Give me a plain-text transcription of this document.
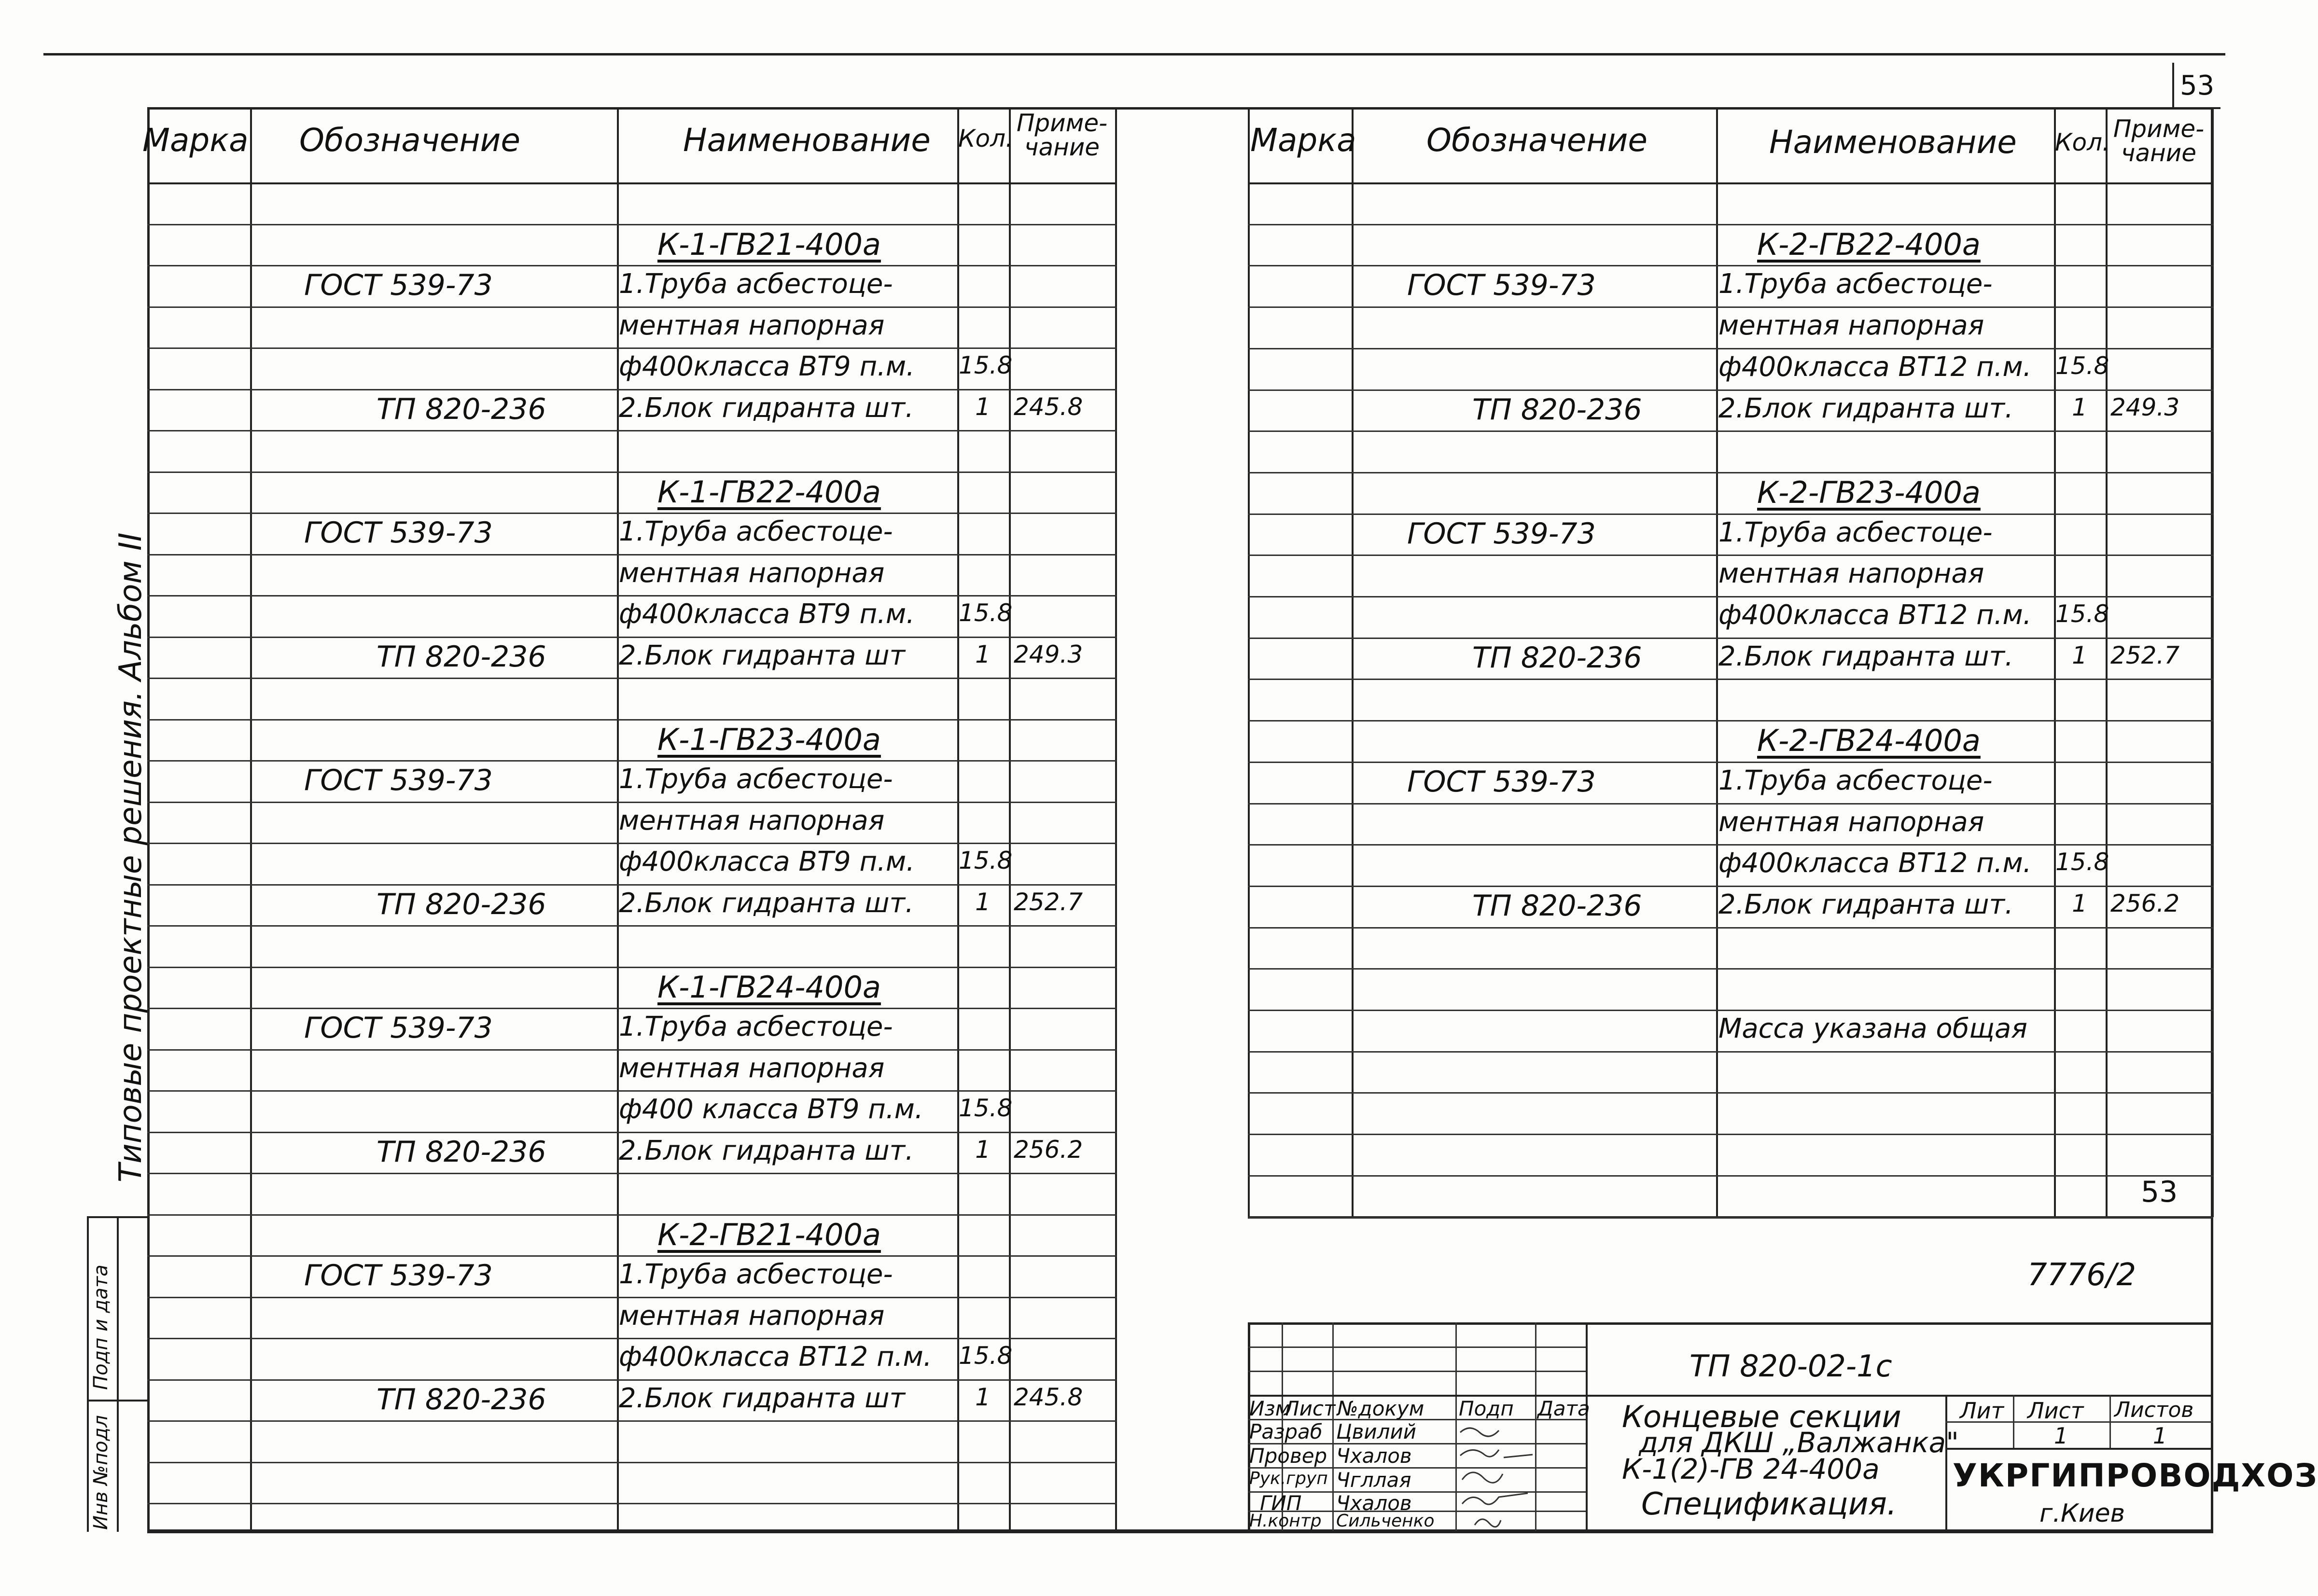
53
Типовые проектные решения. Альбом II
Подп и дата
Инв №подл
Марка Обозначение	Наименование Кол.
Приме-
чание
К-1-ГВ21-400а
ГОСТ 539-73	1.Труба асбестоце-
ментная напорная
ф400класса ВТ9 п.м. 15.8
ТП 820-236	2.Блок гидранта шт.	1 245.8
К-1-ГВ22-400а
ГОСТ 539-73	1.Труба асбестоце-
ментная напорная
ф400класса ВТ9 п.м. 15.8
ТП 820-236	2.Блок гидранта шт	1 249.3
К-1-ГВ23-400а
ГОСТ 539-73	1.Труба асбестоце-
ментная напорная
ф400класса ВТ9 п.м. 15.8
ТП 820-236	2.Блок гидранта шт.	1 252.7
К-1-ГВ24-400а
ГОСТ 539-73	1.Труба асбестоце-
ментная напорная
ф400 класса ВТ9 п.м. 15.8
ТП 820-236	2.Блок гидранта шт.	1 256.2
К-2-ГВ21-400а
ГОСТ 539-73	1.Труба асбестоце-
ментная напорная
ф400класса ВТ12 п.м. 15.8
ТП 820-236	2.Блок гидранта шт	1 245.8
Марка Обозначение	Наименование Кол. Приме-
чание
К-2-ГВ22-400а
ГОСТ 539-73	1.Труба асбестоце-
ментная напорная
ф400класса ВТ12 п.м. 15.8
ТП 820-236	2.Блок гидранта шт.	1 249.3
К-2-ГВ23-400а
ГОСТ 539-73	1.Труба асбестоце-
ментная напорная
ф400класса ВТ12 п.м. 15.8
ТП 820-236	2.Блок гидранта шт.	1 252.7
К-2-ГВ24-400а
ГОСТ 539-73	1.Труба асбестоце-
ментная напорная
ф400класса ВТ12 п.м. 15.8
ТП 820-236	2.Блок гидранта шт.	1 256.2
Масса указана общая
53
7776/2
Изм
Лист №докум Подп Дата
Разраб Цвилий
Провер Чхалов
Рук.груп Чгллая
ГИП Чхалов
Н.контр Сильченко
ТП 820-02-1с
Концевые секции
для ДКШ „Валжанка"
К-1(2)-ГВ 24-400а
Спецификация.
Лит Лист Листов
1	1
УКРГИПРОВОДХОЗ
г.Киев
